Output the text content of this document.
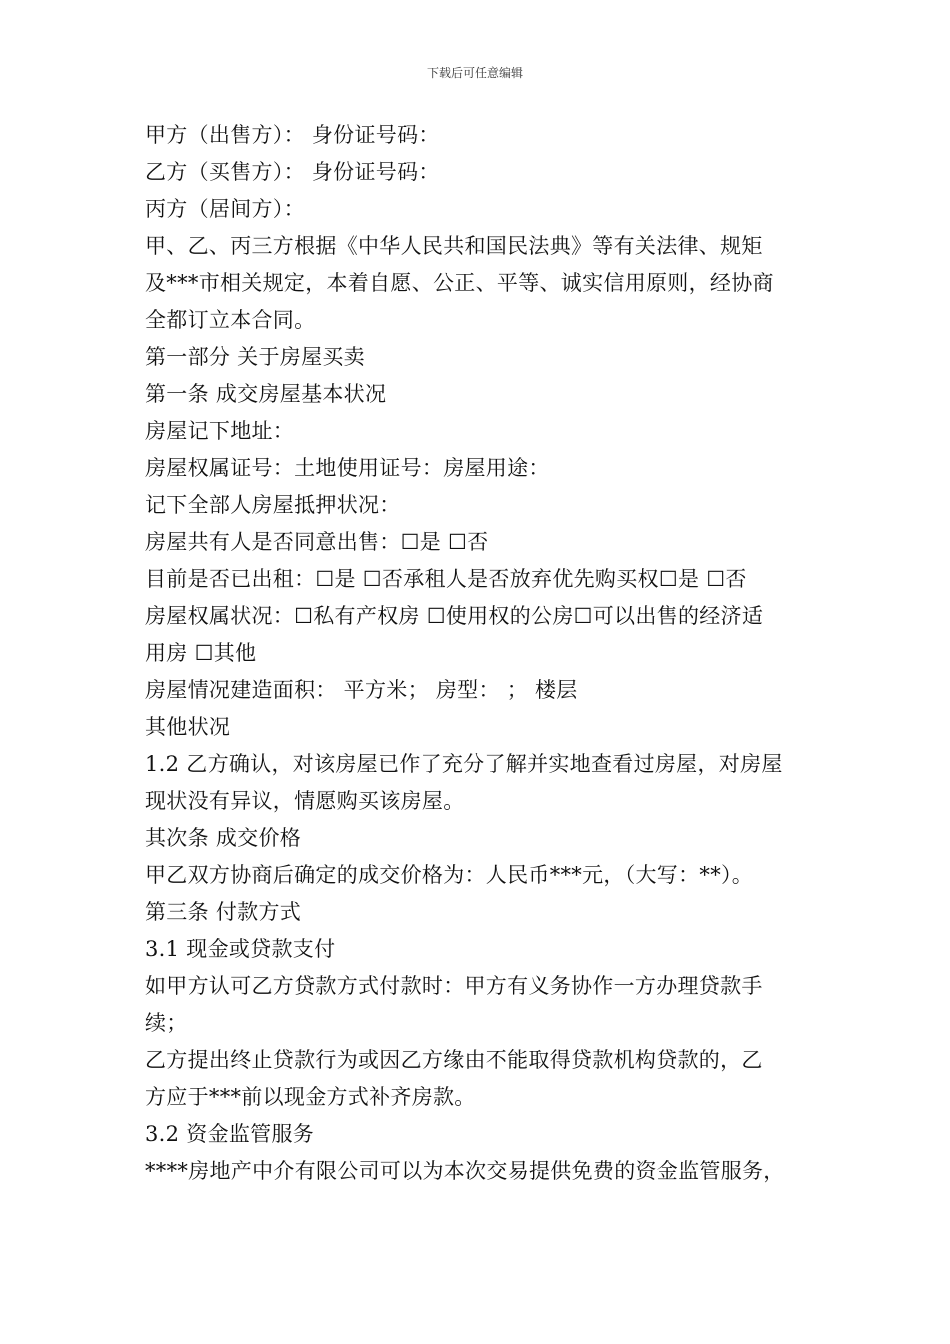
下载后可任意编辑
甲方（出售方）： 身份证号码：
乙方（买售方）： 身份证号码：
丙方（居间方）：
甲、乙、丙三方根据《中华人民共和国民法典》等有关法律、规矩
及***市相关规定，本着自愿、公正、平等、诚实信用原则，经协商
全都订立本合同。
第一部分 关于房屋买卖
第一条 成交房屋基本状况
房屋记下地址：
房屋权属证号：土地使用证号：房屋用途：
记下全部人房屋抵押状况：
房屋共有人是否同意出售：☐是 ☐否
目前是否已出租：☐是 ☐否承租人是否放弃优先购买权☐是 ☐否
房屋权属状况：☐私有产权房 ☐使用权的公房☐可以出售的经济适
用房 ☐其他
房屋情况建造面积： 平方米； 房型： ； 楼层
其他状况
1.2 乙方确认，对该房屋已作了充分了解并实地查看过房屋，对房屋
现状没有异议，情愿购买该房屋。
其次条 成交价格
甲乙双方协商后确定的成交价格为：人民币***元，（大写：**）。
第三条 付款方式
3.1 现金或贷款支付
如甲方认可乙方贷款方式付款时：甲方有义务协作一方办理贷款手
续；
乙方提出终止贷款行为或因乙方缘由不能取得贷款机构贷款的，乙
方应于***前以现金方式补齐房款。
3.2 资金监管服务
****房地产中介有限公司可以为本次交易提供免费的资金监管服务，
